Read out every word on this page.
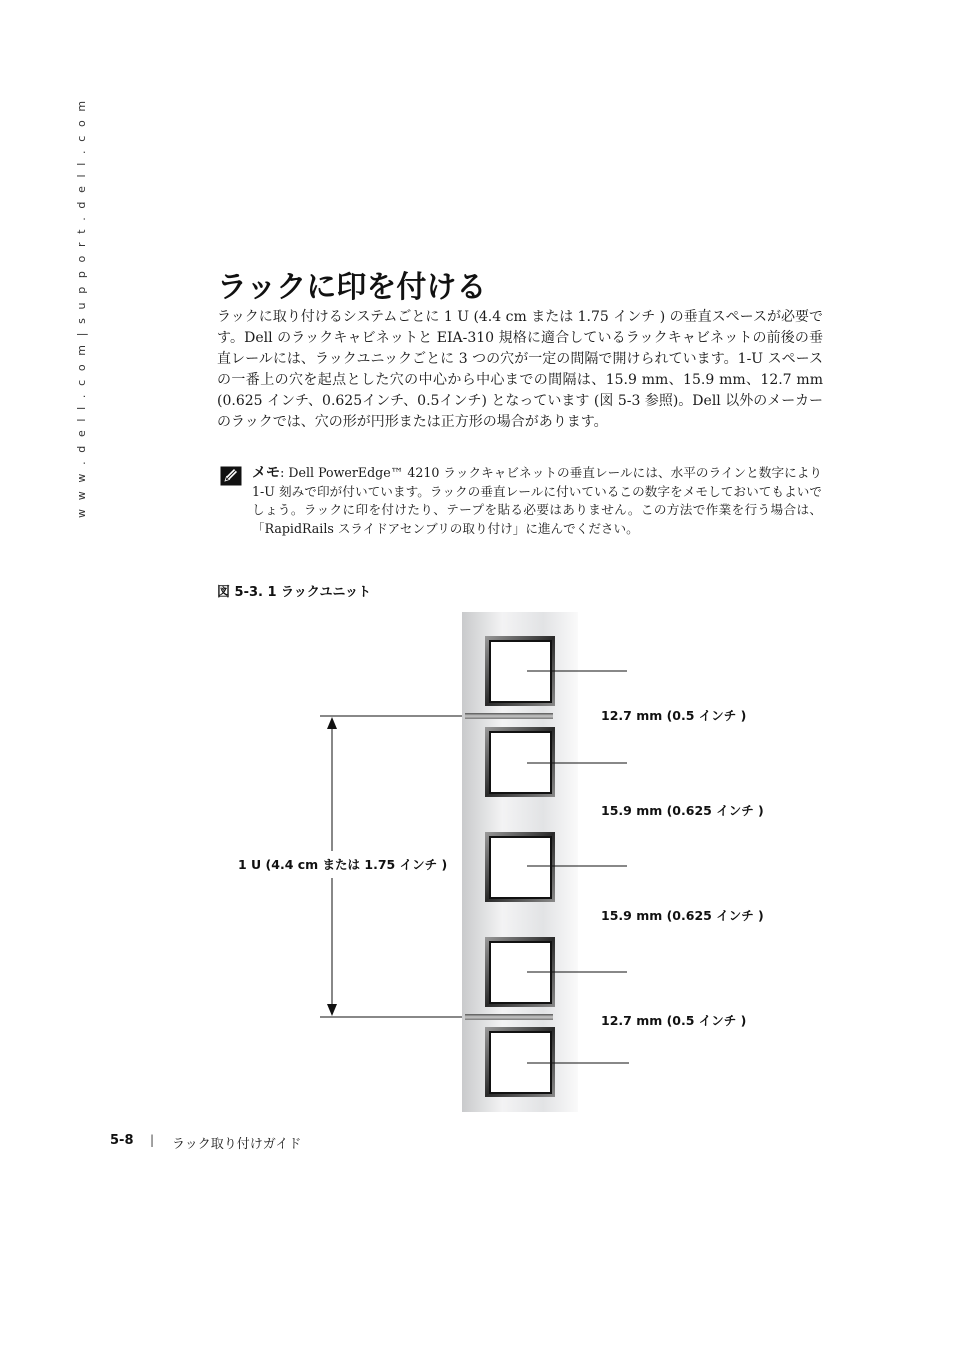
w w w . d e l l . c o m | s u p p o r t . d e l l . c o m	ラックに印を付ける

ラックに取り付けるシステムごとに 1 U (4.4 cm または 1.75 インチ ) の垂直スペースが必要です。Dell のラックキャビネットと EIA-310 規格に適合しているラックキャビネットの前後の垂直レールには、ラックユニックごとに 3 つの穴が一定の間隔で開けられています。1-U スペースの一番上の穴を起点とした穴の中心から中心までの間隔は、15.9 mm、15.9 mm、12.7 mm (0.625 インチ、0.625インチ、0.5インチ) となっています (図 5-3 参照)。Dell 以外のメーカーのラックでは、穴の形が円形または正方形の場合があります。

メモ: Dell PowerEdge™ 4210 ラックキャビネットの垂直レールには、水平のラインと数字により 1-U 刻みで印が付いています。ラックの垂直レールに付いているこの数字をメモしておいてもよいでしょう。ラックに印を付けたり、テープを貼る必要はありません。この方法で作業を行う場合は、「RapidRails スライドアセンブリの取り付け」に進んでください。

図 5-3. 1 ラックユニット

1 U (4.4 cm または 1.75 インチ )
12.7 mm (0.5 インチ )
15.9 mm (0.625 インチ )
15.9 mm (0.625 インチ )
12.7 mm (0.5 インチ )
5-8 | ラック取り付けガイド
